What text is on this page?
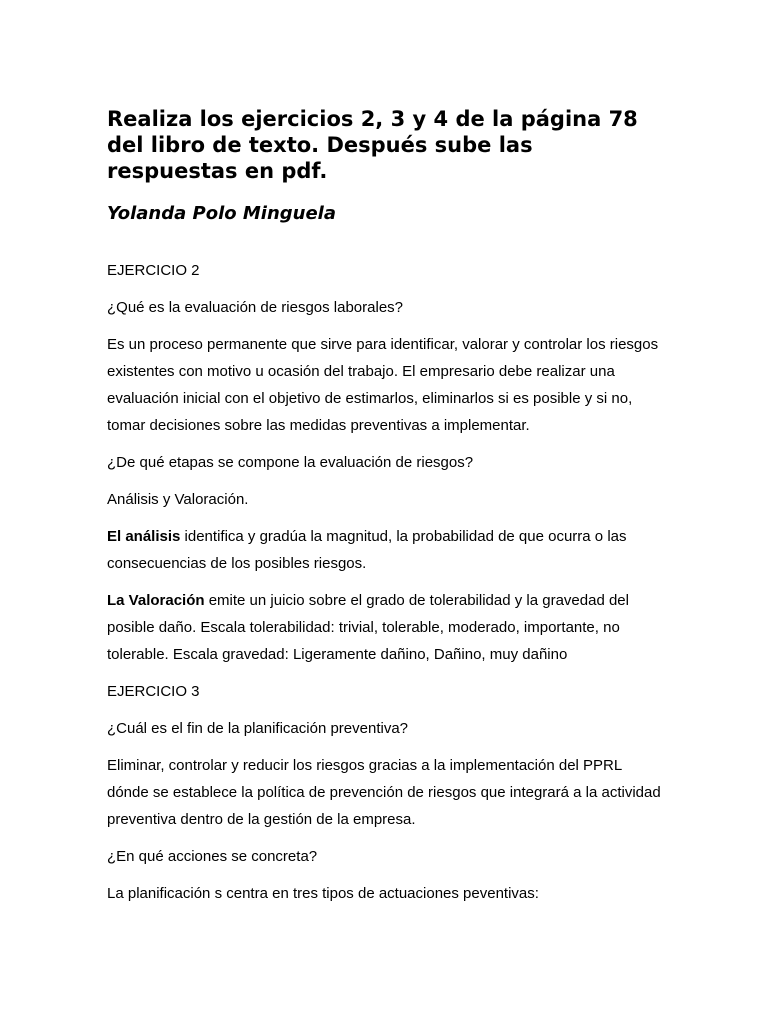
Realiza los ejercicios 2, 3 y 4 de la página 78 del libro de texto. Después sube las respuestas en pdf.
Yolanda Polo Minguela

EJERCICIO 2

¿Qué es la evaluación de riesgos laborales?

Es un proceso permanente que sirve para identificar, valorar y controlar los riesgos existentes con motivo u ocasión del trabajo. El empresario debe realizar una evaluación inicial con el objetivo de estimarlos, eliminarlos si es posible y si no, tomar decisiones sobre las medidas preventivas a implementar.

¿De qué etapas se compone la evaluación de riesgos?

Análisis y Valoración.

El análisis identifica y gradúa la magnitud, la probabilidad de que ocurra o las consecuencias de los posibles riesgos.

La Valoración emite un juicio sobre el grado de tolerabilidad y la gravedad del posible daño. Escala tolerabilidad: trivial, tolerable, moderado, importante, no tolerable. Escala gravedad: Ligeramente dañino, Dañino, muy dañino

EJERCICIO 3

¿Cuál es el fin de la planificación preventiva?

Eliminar, controlar y reducir los riesgos gracias a la implementación del PPRL dónde se establece la política de prevención de riesgos que integrará a la actividad preventiva dentro de la gestión de la empresa.

¿En qué acciones se concreta?

La planificación s centra en tres tipos de actuaciones peventivas:
